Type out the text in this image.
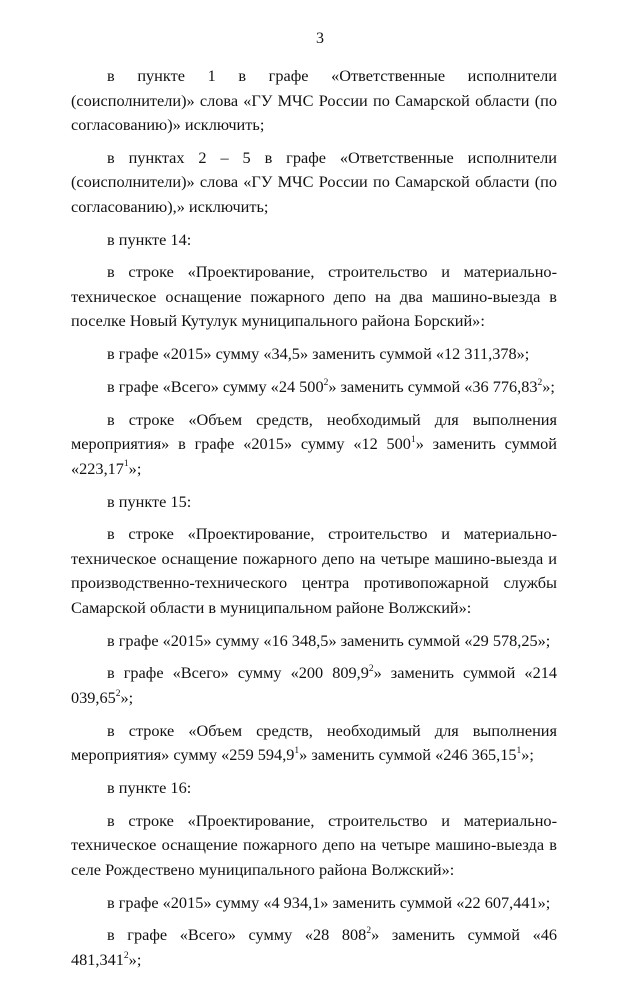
3
в пункте 1 в графе «Ответственные исполнители (соисполнители)» слова «ГУ МЧС России по Самарской области (по согласованию)» исключить;
в пунктах 2 – 5 в графе «Ответственные исполнители (соисполнители)» слова «ГУ МЧС России по Самарской области (по согласованию),» исключить;
в пункте 14:
в строке «Проектирование, строительство и материально-техническое оснащение пожарного депо на два машино-выезда в поселке Новый Кутулук муниципального района Борский»:
в графе «2015» сумму «34,5» заменить суммой «12 311,378»;
в графе «Всего» сумму «24 $500^2$» заменить суммой «36 776,83$^2$»;
в строке «Объем средств, необходимый для выполнения мероприятия» в графе «2015» сумму «12 $500^1$» заменить суммой «223,17$^1$»;
в пункте 15:
в строке «Проектирование, строительство и материально-техническое оснащение пожарного депо на четыре машино-выезда и производственно-технического центра противопожарной службы Самарской области в муниципальном районе Волжский»:
в графе «2015» сумму «16 348,5» заменить суммой «29 578,25»;
в графе «Всего» сумму «200 809,9$^2$» заменить суммой «214 039,65$^2$»;
в строке «Объем средств, необходимый для выполнения мероприятия» сумму «259 594,9$^1$» заменить суммой «246 365,15$^1$»;
в пункте 16:
в строке «Проектирование, строительство и материально-техническое оснащение пожарного депо на четыре машино-выезда в селе Рождествено муниципального района Волжский»:
в графе «2015» сумму «4 934,1» заменить суммой «22 607,441»;
в графе «Всего» сумму «28 $808^2$» заменить суммой «46 481,341$^2$»;
